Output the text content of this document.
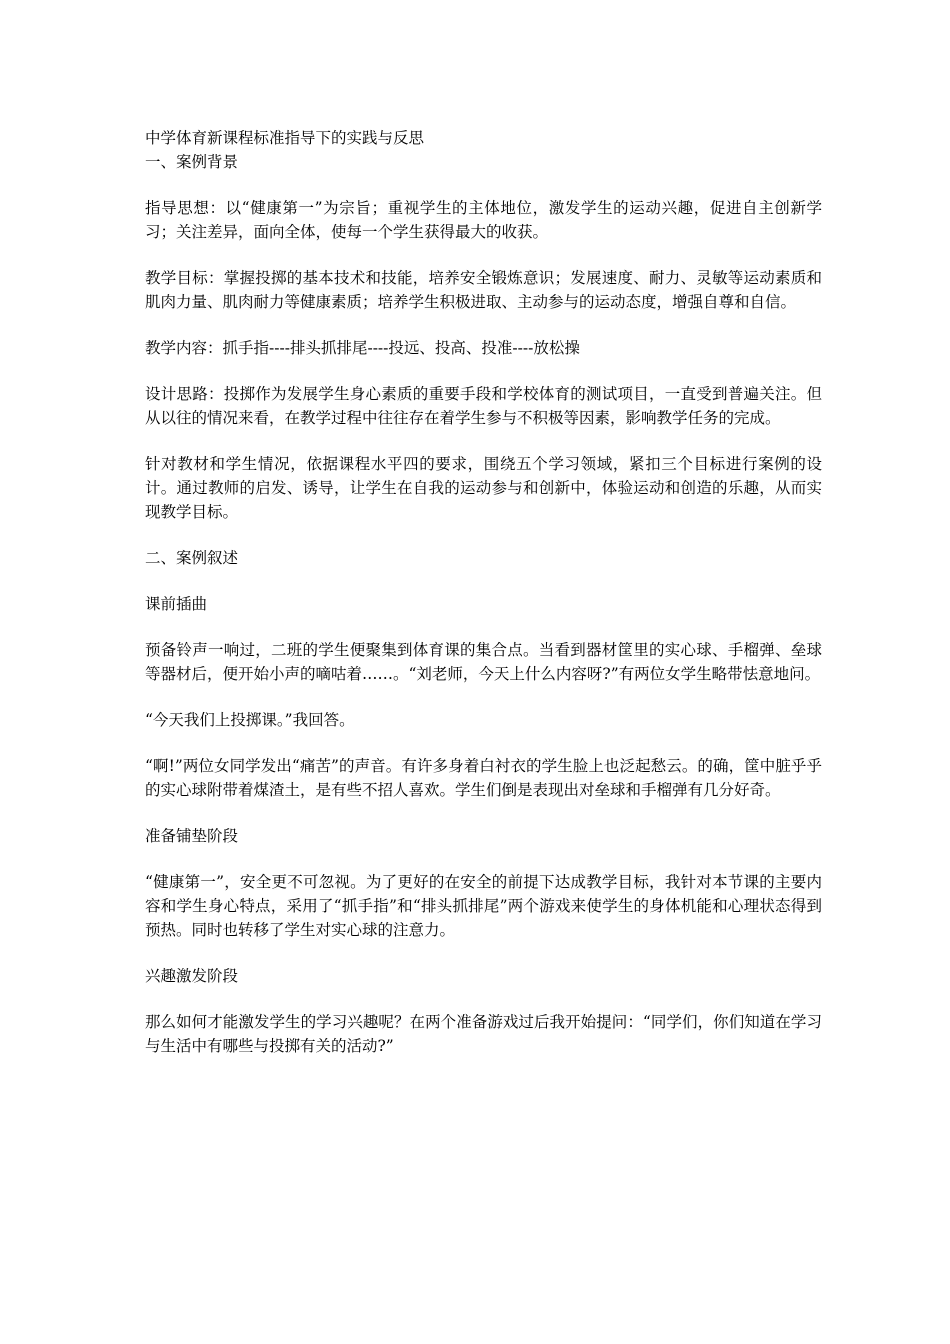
中学体育新课程标准指导下的实践与反思

一、案例背景

指导思想：以“健康第一”为宗旨；重视学生的主体地位，激发学生的运动兴趣，促进自主创新学习；关注差异，面向全体，使每一个学生获得最大的收获。

教学目标：掌握投掷的基本技术和技能，培养安全锻炼意识；发展速度、耐力、灵敏等运动素质和肌肉力量、肌肉耐力等健康素质；培养学生积极进取、主动参与的运动态度，增强自尊和自信。

教学内容：抓手指----排头抓排尾----投远、投高、投准----放松操

设计思路：投掷作为发展学生身心素质的重要手段和学校体育的测试项目，一直受到普遍关注。但从以往的情况来看，在教学过程中往往存在着学生参与不积极等因素，影响教学任务的完成。

针对教材和学生情况，依据课程水平四的要求，围绕五个学习领域，紧扣三个目标进行案例的设计。通过教师的启发、诱导，让学生在自我的运动参与和创新中，体验运动和创造的乐趣，从而实现教学目标。

二、案例叙述

课前插曲

预备铃声一响过，二班的学生便聚集到体育课的集合点。当看到器材筐里的实心球、手榴弹、垒球等器材后，便开始小声的嘀咕着……。“刘老师，今天上什么内容呀?”有两位女学生略带怯意地问。

“今天我们上投掷课。”我回答。

“啊!”两位女同学发出“痛苦”的声音。有许多身着白衬衣的学生脸上也泛起愁云。的确，筐中脏乎乎的实心球附带着煤渣土，是有些不招人喜欢。学生们倒是表现出对垒球和手榴弹有几分好奇。

准备铺垫阶段

“健康第一”，安全更不可忽视。为了更好的在安全的前提下达成教学目标，我针对本节课的主要内容和学生身心特点，采用了“抓手指”和“排头抓排尾”两个游戏来使学生的身体机能和心理状态得到预热。同时也转移了学生对实心球的注意力。

兴趣激发阶段

那么如何才能激发学生的学习兴趣呢？在两个准备游戏过后我开始提问：“同学们，你们知道在学习与生活中有哪些与投掷有关的活动?”
